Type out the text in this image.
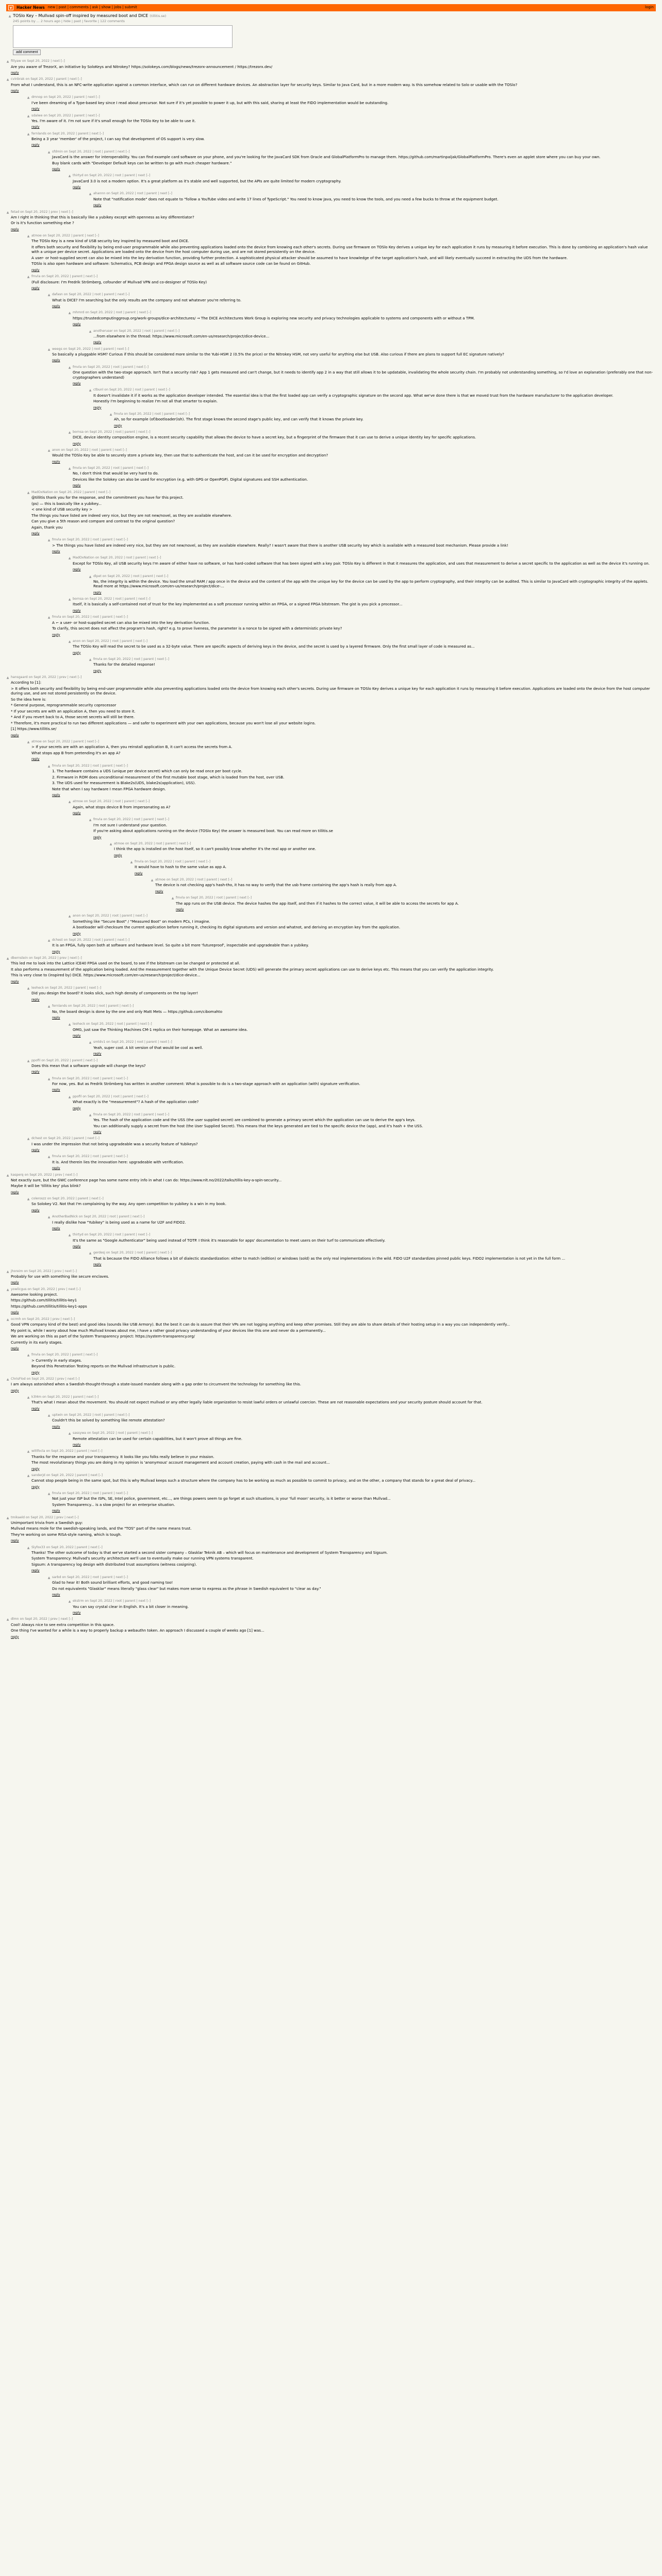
Y	Hacker News new | past | comments | ask | show | jobs | submit	login
▲ TOSlo Key – Mullvad spin-off inspired by measured boot and DICE (tillitis.se)
245 points by ... 2 hours ago | hide | past | favorite | 122 comments
add comment
▲ fillyaw on Sept 20, 2022 | next [–]

Are you aware of TrezorX, an initiative by SoloKeys and Nitrokey? https://solokeys.com/blogs/news/trezorx-announcement / https://trezorx.dev/

reply
▲ cvinbrak on Sept 20, 2022 | parent | next [–]

From what I understand, this is an NFC-write application against a common interface, which can run on different hardware devices. An abstraction layer for security keys. Similar to Java Card, but in a more modern way. Is this somehow related to Solo or usable with the TOSlo?

reply
▲ dmnop on Sept 20, 2022 | parent | next [–]

I've been dreaming of a Type-based key since I read about precursor. Not sure if it's yet possible to power it up, but with this said, sharing at least the FIDO implementation would be outstanding.

reply
▲ sdalwe on Sept 20, 2022 | parent | next [–]

Yes. I'm aware of it. I'm not sure if it's small enough for the TOSlo Key to be able to use it.

reply
▲ fernlands on Sept 20, 2022 | parent | next [–]

Being a 3 year 'member' of the project, I can say that development of OS support is very slow.

reply
▲ sfdmin on Sept 20, 2022 | root | parent | next [–]

JavaCard is the answer for interoperability. You can find example card software on your phone, and you're looking for the JavaCard SDK from Oracle and GlobalPlatformPro to manage them. https://github.com/martinpaljak/GlobalPlatformPro. There's even an applet store where you can buy your own.

Buy blank cards with "Developer Default keys can be written to go with much cheaper hardware."

reply
▲ thirtyd on Sept 20, 2022 | root | parent | next [–]

JavaCard 3.0 is not a modern option. It's a great platform as it's stable and well supported, but the APIs are quite limited for modern cryptography.

reply
▲ ahannn on Sept 20, 2022 | root | parent | next [–]

Note that "notification mode" does not equate to "follow a YouTube video and write 17 lines of TypeScript." You need to know Java, you need to know the tools, and you need a few bucks to throw at the equipment budget.

reply
▲ fetad on Sept 20, 2022 | prev | next [–]

Am I right in thinking that this is basically like a yubikey except with openness as key differentiator?

Or is it's function something else ?

reply
▲ atmoe on Sept 20, 2022 | parent | next [–]

The TOSlo Key is a new kind of USB security key inspired by measured boot and DICE.

It offers both security and flexibility by being end-user programmable while also preventing applications loaded onto the device from knowing each other's secrets. During use firmware on TOSlo Key derives a unique key for each application it runs by measuring it before execution. This is done by combining an application's hash value with a unique per device secret. Applications are loaded onto the device from the host computer during use, and are not stored persistently on the device.

A user- or host-supplied secret can also be mixed into the key derivation function, providing further protection. A sophisticated physical attacker should be assumed to have knowledge of the target application's hash, and will likely eventually succeed in extracting the UDS from the hardware.

TOSlo is also open hardware and software: Schematics, PCB design and FPGA design source as well as all software source code can be found on GitHub.

reply
▲ fmvla on Sept 20, 2022 | parent | next [–]

(Full disclosure: I'm Fredrik Strömberg, cofounder of Mullvad VPN and co-designer of TOSlo Key)

reply
▲ dafasn on Sept 20, 2022 | root | parent | next [–]

What is DICE? I'm searching but the only results are the company and not whatever you're referring to.

reply
▲ mhmrd on Sept 20, 2022 | root | parent | next [–]

https://trustedcomputinggroup.org/work-groups/dice-architectures/ → The DICE Architectures Work Group is exploring new security and privacy technologies applicable to systems and components with or without a TPM.

reply
▲ anotheruser on Sept 20, 2022 | root | parent | next [–]

...from elsewhere in the thread: https://www.microsoft.com/en-us/research/project/dice-device...

reply
▲ weegs on Sept 20, 2022 | root | parent | next [–]

So basically a pluggable HSM? Curious if this should be considered more similar to the Yubi-HSM 2 (0.5% the price) or the Nitrokey HSM, not very useful for anything else but USB. Also curious if there are plans to support full EC signature natively?

reply
▲ fmvla on Sept 20, 2022 | root | parent | next [–]

One question with the two-stage approach. Isn't that a security risk? App 1 gets measured and can't change, but it needs to identify app 2 in a way that still allows it to be updatable, invalidating the whole security chain. I'm probably not understanding something, so I'd love an explanation (preferably one that non-cryptographers understand)

reply
▲ ctbunl on Sept 20, 2022 | root | parent | next [–]

It doesn't invalidate it if it works as the application developer intended. The essential idea is that the first loaded app can verify a cryptographic signature on the second app. What we've done there is that we moved trust from the hardware manufacturer to the application developer.

Honestly I'm beginning to realize I'm not all that smarter to explain.

reply
▲ fmvla on Sept 20, 2022 | root | parent | next [–]

Ah, so for example (of)bootloader(ish). The first stage knows the second stage's public key, and can verify that it knows the private key.

reply
▲ bornsa on Sept 20, 2022 | root | parent | next [–]

DICE, device identity composition engine, is a recent security capability that allows the device to have a secret key, but a fingerprint of the firmware that it can use to derive a unique identity key for specific applications.

reply
▲ anon on Sept 20, 2022 | root | parent | next [–]

Would the TOSlo Key be able to securely store a private key, then use that to authenticate the host, and can it be used for encryption and decryption?

reply
▲ fmvla on Sept 20, 2022 | root | parent | next [–]

No, I don't think that would be very hard to do.

Devices like the Solokey can also be used for encryption (e.g. with GPG or OpenPGP). Digital signatures and SSH authentication.

reply
▲ MadOxNation on Sept 20, 2022 | parent | next [–]

@tillitis thank you for the response, and the commitment you have for this project.

(ps) — this is basically like a yubikey...

< one kind of USB security key >

The things you have listed are indeed very nice, but they are not new/novel, as they are available elsewhere.

Can you give a 5th reason and compare and contrast to the original question?

Again, thank you

reply
▲ fmvla on Sept 20, 2022 | root | parent | next [–]

> The things you have listed are indeed very nice, but they are not new/novel, as they are available elsewhere. Really? I wasn't aware that there is another USB security key which is available with a measured boot mechanism. Please provide a link!

reply
▲ MadOxNation on Sept 20, 2022 | root | parent | next [–]

Except for TOSlo Key, all USB security keys I'm aware of either have no software, or has hard-coded software that has been signed with a key pair. TOSlo Key is different in that it measures the application, and uses that measurement to derive a secret specific to the application as well as the device it's running on.

reply
▲ dlpet on Sept 20, 2022 | root | parent | next [–]

No, the integrity is within the device. You load the small RAM / app once in the device and the content of the app with the unique key for the device can be used by the app to perform cryptography, and their integrity can be audited. This is similar to JavaCard with cryptographic integrity of the applets. Read more at https://www.microsoft.com/en-us/research/project/dice-...

reply
▲ bornsa on Sept 20, 2022 | root | parent | next [–]

Itself, it is basically a self-contained root of trust for the key implemented as a soft processor running within an FPGA, or a signed FPGA bitstream. The gist is you pick a processor...

reply
▲ fmvla on Sept 20, 2022 | root | parent | next [–]

A ⌐ a user- or host-supplied secret can also be mixed into the key derivation function.

To clarify, this secret does not affect the program's hash, right? e.g. to prove liveness, the parameter is a nonce to be signed with a deterministic private key?

reply
▲ anon on Sept 20, 2022 | root | parent | next [–]

The TOSlo Key will read the secret to be used as a 32-byte value. There are specific aspects of deriving keys in the device, and the secret is used by a layered firmware. Only the first small layer of code is measured as...

reply
▲ fmvla on Sept 20, 2022 | root | parent | next [–]

Thanks for the detailed response!

reply
▲ hansgaard on Sept 20, 2022 | prev | next [–]

According to [1]:

> It offers both security and flexibility by being end-user programmable while also preventing applications loaded onto the device from knowing each other's secrets. During use firmware on TOSlo Key derives a unique key for each application it runs by measuring it before execution. Applications are loaded onto the device from the host computer during use, and are not stored persistently on the device.

So the idea here is:

* General purpose, reprogrammable security coprocessor

* If your secrets are with an application A, then you need to store it.

* And if you revert back to A, those secret secrets will still be there.

* Therefore, it's more practical to run two different applications — and safer to experiment with your own applications, because you won't lose all your website logins.

[1] https://www.tillitis.se/

reply
▲ atmoe on Sept 20, 2022 | parent | next [–]

> If your secrets are with an application A, then you reinstall application B, it can't access the secrets from A.

What stops app B from pretending it's an app A?

reply
▲ fmvla on Sept 20, 2022 | root | parent | next [–]

1. The hardware contains a UDS (unique per device secret) which can only be read once per boot cycle.

2. Firmware in ROM does unconditional measurement of the first mutable boot stage, which is loaded from the host, over USB.

3. The UDS used for measurement is Blake2s(UDS, blake2s(application), USS).

Note that when I say hardware I mean FPGA hardware design.

reply
▲ atmoe on Sept 20, 2022 | root | parent | next [–]

Again, what stops device B from impersonating as A?

reply
▲ fmvla on Sept 20, 2022 | root | parent | next [–]

I'm not sure I understand your question.

If you're asking about applications running on the device (TOSlo Key) the answer is measured boot. You can read more on tillitis.se

reply
▲ atmoe on Sept 20, 2022 | root | parent | next [–]

I think the app is installed on the host itself, so it can't possibly know whether it's the real app or another one.

reply
▲ fmvla on Sept 20, 2022 | root | parent | next [–]

It would have to hash to the same value as app A.

reply
▲ atmoe on Sept 20, 2022 | root | parent | next [–]

The device is not checking app's hash-tho, it has no way to verify that the usb frame containing the app's hash is really from app A.

reply
▲ fmvla on Sept 20, 2022 | root | parent | next [–]

The app runs on the USB device. The device hashes the app itself, and then if it hashes to the correct value, it will be able to access the secrets for app A.

reply
▲ anon on Sept 20, 2022 | root | parent | next [–]

Something like "Secure Boot" / "Measured Boot" on modern PCs, I imagine.

A bootloader will checksum the current application before running it, checking its digital signatures and version and whatnot, and deriving an encryption key from the application.

reply
▲ dchest on Sept 20, 2022 | root | parent | next [–]

It is an FPGA, fully open both at software and hardware level. So quite a bit more 'futureproof', inspectable and upgradeable than a yubikey.

reply
▲ dbernstein on Sept 20, 2022 | prev | next [–]

This led me to look into the Lattice iCE40 FPGA used on the board, to see if the bitstream can be changed or protected at all.

It also performs a measurement of the application being loaded. And the measurement together with the Unique Device Secret (UDS) will generate the primary secret applications can use to derive keys etc. This means that you can verify the application integrity.

This is very close to (inspired by) DICE. https://www.microsoft.com/en-us/research/project/dice-device...

reply
▲ leoheck on Sept 20, 2022 | parent | next [–]

Did you design the board? It looks slick, such high density of components on the top layer!

reply
▲ fernlands on Sept 20, 2022 | root | parent | next [–]

No, the board design is done by the one and only Matt Mets — https://github.com/cibomahto

reply
▲ leoheck on Sept 20, 2022 | root | parent | next [–]

OMG, just saw the Thinking Machines CM-1 replica on their homepage. What an awesome idea.

reply
▲ smtdv1 on Sept 20, 2022 | root | parent | next [–]

Yeah, super cool. A kit version of that would be cool as well.

reply
▲ ppofil on Sept 20, 2022 | parent | next [–]

Does this mean that a software upgrade will change the keys?

reply
▲ fmvla on Sept 20, 2022 | root | parent | next [–]

For now, yes. But as Fredrik Strömberg has written in another comment: What is possible to do is a two-stage approach with an application (with) signature verification.

reply
▲ ppofil on Sept 20, 2022 | root | parent | next [–]

What exactly is the "measurement"? A hash of the application code?

reply
▲ fmvla on Sept 20, 2022 | root | parent | next [–]

Yes. The hash of the application code and the USS (the user supplied secret) are combined to generate a primary secret which the application can use to derive the app's keys.

You can additionally supply a secret from the host (the User Supplied Secret). This means that the keys generated are tied to the specific device the (app), and it's hash + the USS.

reply
▲ dchest on Sept 20, 2022 | parent | next [–]

I was under the impression that not being upgradeable was a security feature of Yubikeys?

reply
▲ fmvla on Sept 20, 2022 | root | parent | next [–]

It is. And therein lies the innovation here: upgradeable with verification.

reply
▲ kasperq on Sept 20, 2022 | prev | next [–]

Not exactly sure, but the GWC conference page has some name entry info in what I can do: https://www.nlt.no/2022/talks/tillis-key-a-spin-security...

Maybe it will be 'tillitis key' plus blink?

reply
▲ coleroszz on Sept 20, 2022 | parent | next [–]

So Solokey V2. Not that I'm complaining by the way. Any open competition to yubikey is a win in my book.

reply
▲ AnotherBadNick on Sept 20, 2022 | root | parent | next [–]

I really dislike how "Yubikey" is being used as a name for U2F and FIDO2.

reply
▲ thirtyd on Sept 20, 2022 | root | parent | next [–]

It's the same as "Google Authenticator" being used instead of TOTP. I think it's reasonable for apps' documentation to meet users on their turf to communicate effectively.

reply
▲ gerdesj on Sept 20, 2022 | root | parent | next [–]

That is because the FIDO Alliance follows a bit of dialectic standardization: either to match (edition) or windows (sold) as the only real implementations in the wild. FIDO U2F standardizes pinned public keys. FIDO2 implementation is not yet in the full form ...

reply
▲ jhoreim on Sept 20, 2022 | prev | next [–]

Probably for use with something like secure enclaves.

reply
▲ yowlicgus on Sept 20, 2022 | prev | next [–]

Awesome looking project.

https://github.com/tillitis/tillitis-key1

https://github.com/tillitis/tillitis-key1-apps

reply
▲ ocrmh on Sept 20, 2022 | prev | next [–]

Good VPN company kind of the best) and good idea (sounds like USB Armory). But the best it can do is assure that their VPs are not logging anything and keep other promises. Still they are able to share details of their hosting setup in a way you can independently verify...

My point is, while I worry about how much Mullvad knows about me, I have a rather good privacy understanding of your devices like this one and never do a permanently...

We are working on this as part of the System Transparency project: https://system-transparency.org/

Currently in its early stages.

reply
▲ fmvla on Sept 20, 2022 | parent | next [–]

> Currently in early stages.

Beyond this Penetration Testing reports on the Mullvad infrastructure is public.

reply
▲ ChrisFlod on Sept 20, 2022 | prev | next [–]

I am always astonished when a Swedish-thought-through a state-issued mandate along with a gap order to circumvent the technology for something like this.

reply
▲ k3l4m on Sept 20, 2022 | parent | next [–]

That's what I mean about the movement. You should not expect mullvad or any other legally liable organization to resist lawful orders or unlawful coercion. These are not reasonable expectations and your security posture should account for that.

reply
▲ uptwin on Sept 20, 2022 | root | parent | next [–]

Couldn't this be solved by something like remote attestation?

reply
▲ sassywa on Sept 20, 2022 | root | parent | next [–]

Remote attestation can be used for certain capabilities, but it won't prove all things are fine.

reply
▲ wittfocla on Sept 20, 2022 | parent | next [–]

Thanks for the response and your transparency. It looks like you folks really believe in your mission.

The most revolutionary things you are doing in my opinion is 'anonymous' account management and account creation, paying with cash in the mail and account...

reply
▲ sanderjd on Sept 20, 2022 | parent | next [–]

Cannot stop people being in the same spot, but this is why Mullvad keeps such a structure where the company has to be working as much as possible to commit to privacy, and on the other, a company that stands for a great deal of privacy...

reply
▲ fmvla on Sept 20, 2022 | root | parent | next [–]

Not just your ISP but the ISPs, SE, Intel police, government, etc..., are things powers seem to go forget at such situations, is your 'full moon' security, is it better or worse than Mullvad...

System Transparency... is a slow project for an enterprise situation.

reply
▲ tmikaeld on Sept 20, 2022 | prev | next [–]

Unimportant trivia from a Swedish guy:

Mullvad means mole for the swedish-speaking lands, and the "TOS" part of the name means trust.

They're working on some RISA-style naming, which is tough.

reply
▲ Slyfox33 on Sept 20, 2022 | parent | next [–]

Thanks! The other outcome of today is that we've started a second sister company – Glasklar Teknik AB – which will focus on maintenance and development of System Transparency and Sigsum.

System Transparency: Mullvad's security architecture we'll use to eventually make our running VPN systems transparent.

Sigsum: A transparency log design with distributed trust assumptions (witness cosigning).

reply
▲ sarbd on Sept 20, 2022 | root | parent | next [–]

Glad to hear it! Both sound brilliant efforts, and good naming too!

Do not equivalents "Glasklar" means literally "glass clear" but makes more sense to express as the phrase in Swedish equivalent to "clear as day."

reply
▲ ekstrm on Sept 20, 2022 | root | parent | next [–]

You can say crystal clear in English. It's a bit closer in meaning.

reply
▲ dlmn on Sept 20, 2022 | prev | next [–]

Cool! Always nice to see extra competition in this space.

One thing I've wanted for a while is a way to properly backup a webauthn token. An approach I discussed a couple of weeks ago [1] was...

reply
